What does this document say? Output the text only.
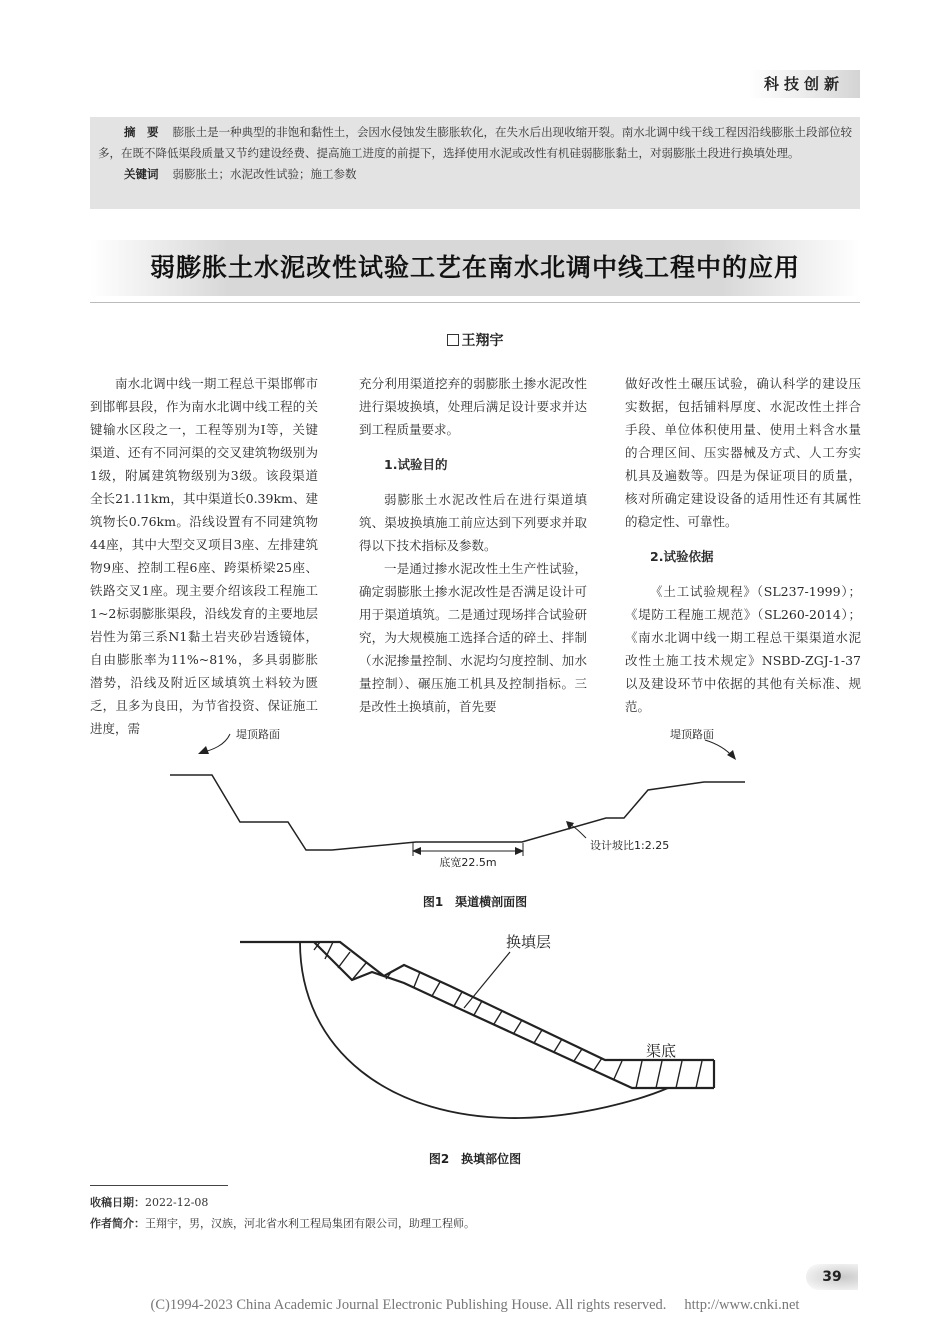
科技创新

摘　要 膨胀土是一种典型的非饱和黏性土，会因水侵蚀发生膨胀软化，在失水后出现收缩开裂。南水北调中线干线工程因沿线膨胀土段部位较多，在既不降低渠段质量又节约建设经费、提高施工进度的前提下，选择使用水泥或改性有机硅弱膨胀黏土，对弱膨胀土段进行换填处理。

关键词 弱膨胀土；水泥改性试验；施工参数

弱膨胀土水泥改性试验工艺在南水北调中线工程中的应用
王翔宇

南水北调中线一期工程总干渠邯郸市到邯郸县段，作为南水北调中线工程的关键输水区段之一，工程等别为Ⅰ等，关键渠道、还有不同河渠的交叉建筑物级别为1级，附属建筑物级别为3级。该段渠道全长21.11km，其中渠道长0.39km、建筑物长0.76km。沿线设置有不同建筑物44座，其中大型交叉项目3座、左排建筑物9座、控制工程6座、跨渠桥梁25座、铁路交叉1座。现主要介绍该段工程施工1~2标弱膨胀渠段，沿线发育的主要地层岩性为第三系N1黏土岩夹砂岩透镜体，自由膨胀率为11%~81%，多具弱膨胀潜势，沿线及附近区域填筑土料较为匮乏，且多为良田，为节省投资、保证施工进度，需

充分利用渠道挖弃的弱膨胀土掺水泥改性进行渠坡换填，处理后满足设计要求并达到工程质量要求。

1.试验目的

弱膨胀土水泥改性后在进行渠道填筑、渠坡换填施工前应达到下列要求并取得以下技术指标及参数。

一是通过掺水泥改性土生产性试验，确定弱膨胀土掺水泥改性是否满足设计可用于渠道填筑。二是通过现场拌合试验研究，为大规模施工选择合适的碎土、拌制（水泥掺量控制、水泥均匀度控制、加水量控制）、碾压施工机具及控制指标。三是改性土换填前，首先要

做好改性土碾压试验，确认科学的建设压实数据，包括铺料厚度、水泥改性土拌合手段、单位体积使用量、使用土料含水量的合理区间、压实器械及方式、人工夯实机具及遍数等。四是为保证项目的质量，核对所确定建设设备的适用性还有其属性的稳定性、可靠性。

2.试验依据

《土工试验规程》（SL237-1999）；《堤防工程施工规范》（SL260-2014）；《南水北调中线一期工程总干渠渠道水泥改性土施工技术规定》NSBD-ZGJ-1-37以及建设环节中依据的其他有关标准、规范。

堤顶路面	堤顶路面
底宽22.5m
设计坡比1:2.25
图1 渠道横剖面图
换填层
渠底
图2 换填部位图
收稿日期：2022-12-08
作者简介：王翔宇，男，汉族，河北省水利工程局集团有限公司，助理工程师。
39
(C)1994-2023 China Academic Journal Electronic Publishing House. All rights reserved. http://www.cnki.net
